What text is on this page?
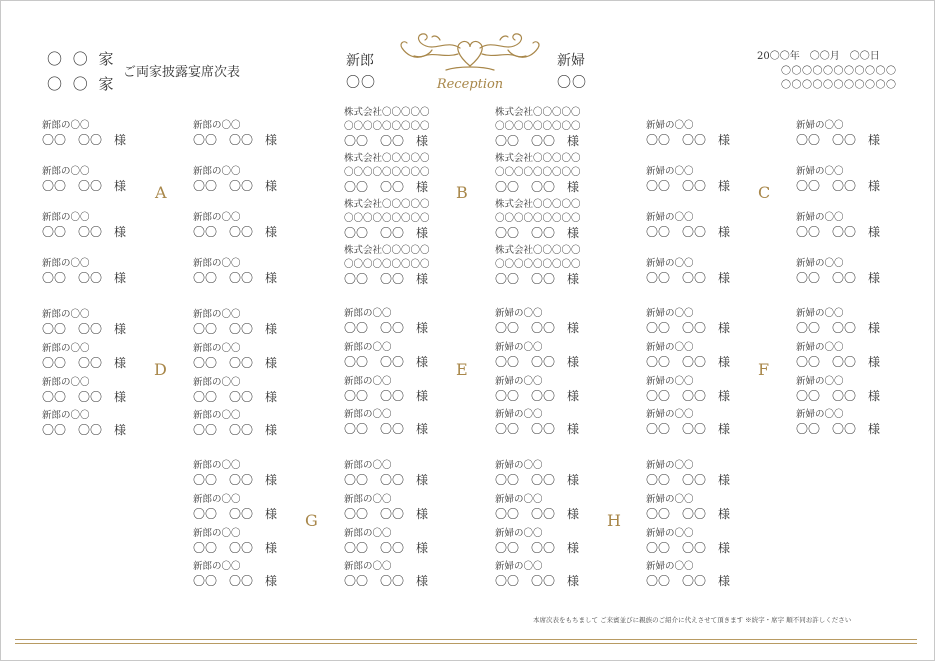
〇 〇 家
〇 〇 家
ご両家披露宴席次表
新郎
〇〇
新婦
〇〇
Reception
20〇〇年　〇〇月　〇〇日
〇〇〇〇〇〇〇〇〇〇〇
〇〇〇〇〇〇〇〇〇〇〇
新郎の〇〇
〇〇　〇〇　様
新郎の〇〇
〇〇　〇〇　様
新郎の〇〇
〇〇　〇〇　様
新郎の〇〇
〇〇　〇〇　様
A
新郎の〇〇
〇〇　〇〇　様
新郎の〇〇
〇〇　〇〇　様
新郎の〇〇
〇〇　〇〇　様
新郎の〇〇
〇〇　〇〇　様
株式会社〇〇〇〇〇
〇〇〇〇〇〇〇〇〇
〇〇　〇〇　様
株式会社〇〇〇〇〇
〇〇〇〇〇〇〇〇〇
〇〇　〇〇　様
株式会社〇〇〇〇〇
〇〇〇〇〇〇〇〇〇
〇〇　〇〇　様
株式会社〇〇〇〇〇
〇〇〇〇〇〇〇〇〇
〇〇　〇〇　様
B
株式会社〇〇〇〇〇
〇〇〇〇〇〇〇〇〇
〇〇　〇〇　様
株式会社〇〇〇〇〇
〇〇〇〇〇〇〇〇〇
〇〇　〇〇　様
株式会社〇〇〇〇〇
〇〇〇〇〇〇〇〇〇
〇〇　〇〇　様
株式会社〇〇〇〇〇
〇〇〇〇〇〇〇〇〇
〇〇　〇〇　様
新婦の〇〇
〇〇　〇〇　様
新婦の〇〇
〇〇　〇〇　様
新婦の〇〇
〇〇　〇〇　様
新婦の〇〇
〇〇　〇〇　様
C
新婦の〇〇
〇〇　〇〇　様
新婦の〇〇
〇〇　〇〇　様
新婦の〇〇
〇〇　〇〇　様
新婦の〇〇
〇〇　〇〇　様
新郎の〇〇
〇〇　〇〇　様
新郎の〇〇
〇〇　〇〇　様
新郎の〇〇
〇〇　〇〇　様
新郎の〇〇
〇〇　〇〇　様
D
新郎の〇〇
〇〇　〇〇　様
新郎の〇〇
〇〇　〇〇　様
新郎の〇〇
〇〇　〇〇　様
新郎の〇〇
〇〇　〇〇　様
新郎の〇〇
〇〇　〇〇　様
新郎の〇〇
〇〇　〇〇　様
新郎の〇〇
〇〇　〇〇　様
新郎の〇〇
〇〇　〇〇　様
E
新婦の〇〇
〇〇　〇〇　様
新婦の〇〇
〇〇　〇〇　様
新婦の〇〇
〇〇　〇〇　様
新婦の〇〇
〇〇　〇〇　様
新婦の〇〇
〇〇　〇〇　様
新婦の〇〇
〇〇　〇〇　様
新婦の〇〇
〇〇　〇〇　様
新婦の〇〇
〇〇　〇〇　様
F
新婦の〇〇
〇〇　〇〇　様
新婦の〇〇
〇〇　〇〇　様
新婦の〇〇
〇〇　〇〇　様
新婦の〇〇
〇〇　〇〇　様
新郎の〇〇
〇〇　〇〇　様
新郎の〇〇
〇〇　〇〇　様
新郎の〇〇
〇〇　〇〇　様
新郎の〇〇
〇〇　〇〇　様
G
新郎の〇〇
〇〇　〇〇　様
新郎の〇〇
〇〇　〇〇　様
新郎の〇〇
〇〇　〇〇　様
新郎の〇〇
〇〇　〇〇　様
新婦の〇〇
〇〇　〇〇　様
新婦の〇〇
〇〇　〇〇　様
新婦の〇〇
〇〇　〇〇　様
新婦の〇〇
〇〇　〇〇　様
H
新婦の〇〇
〇〇　〇〇　様
新婦の〇〇
〇〇　〇〇　様
新婦の〇〇
〇〇　〇〇　様
新婦の〇〇
〇〇　〇〇　様
本席次表をもちまして ご来賓並びに親族のご紹介に代えさせて頂きます ※続字・席字 順不同お許しください
